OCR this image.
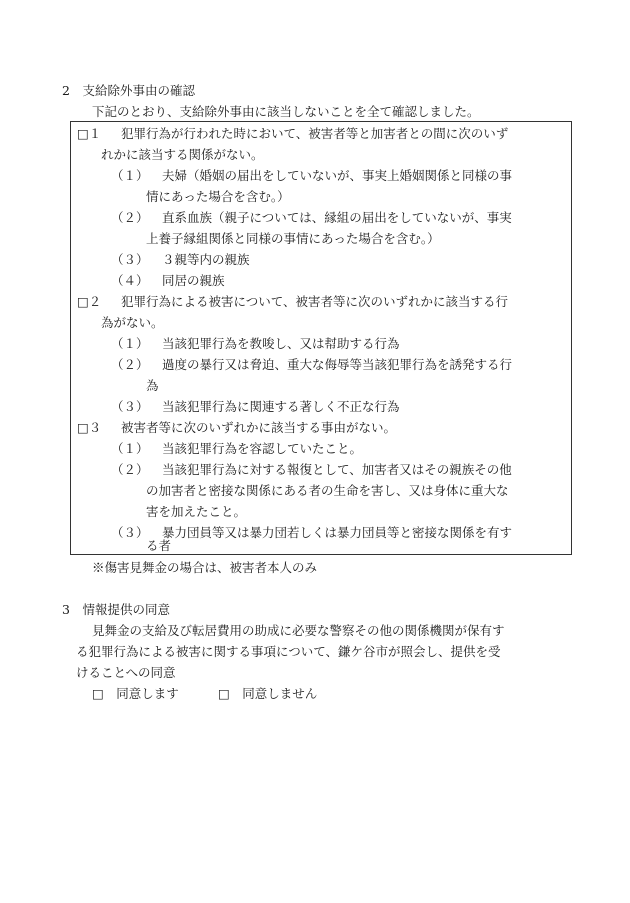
2　支給除外事由の確認
下記のとおり、支給除外事由に該当しないことを全て確認しました。
□１ 犯罪行為が行われた時において、被害者等と加害者との間に次のいず
れかに該当する関係がない。
（１） 夫婦（婚姻の届出をしていないが、事実上婚姻関係と同様の事
情にあった場合を含む。）
（２） 直系血族（親子については、縁組の届出をしていないが、事実
上養子縁組関係と同様の事情にあった場合を含む。）
（３） ３親等内の親族
（４） 同居の親族
□２ 犯罪行為による被害について、被害者等に次のいずれかに該当する行
為がない。
（１） 当該犯罪行為を教唆し、又は幇助する行為
（２） 過度の暴行又は脅迫、重大な侮辱等当該犯罪行為を誘発する行
為
（３） 当該犯罪行為に関連する著しく不正な行為
□３ 被害者等に次のいずれかに該当する事由がない。
（１） 当該犯罪行為を容認していたこと。
（２） 当該犯罪行為に対する報復として、加害者又はその親族その他
の加害者と密接な関係にある者の生命を害し、又は身体に重大な
害を加えたこと。
（３） 暴力団員等又は暴力団若しくは暴力団員等と密接な関係を有す
る者
※傷害見舞金の場合は、被害者本人のみ
3　情報提供の同意
見舞金の支給及び転居費用の助成に必要な警察その他の関係機関が保有す
る犯罪行為による被害に関する事項について、鎌ケ谷市が照会し、提供を受
けることへの同意
□　同意します	□　同意しません
